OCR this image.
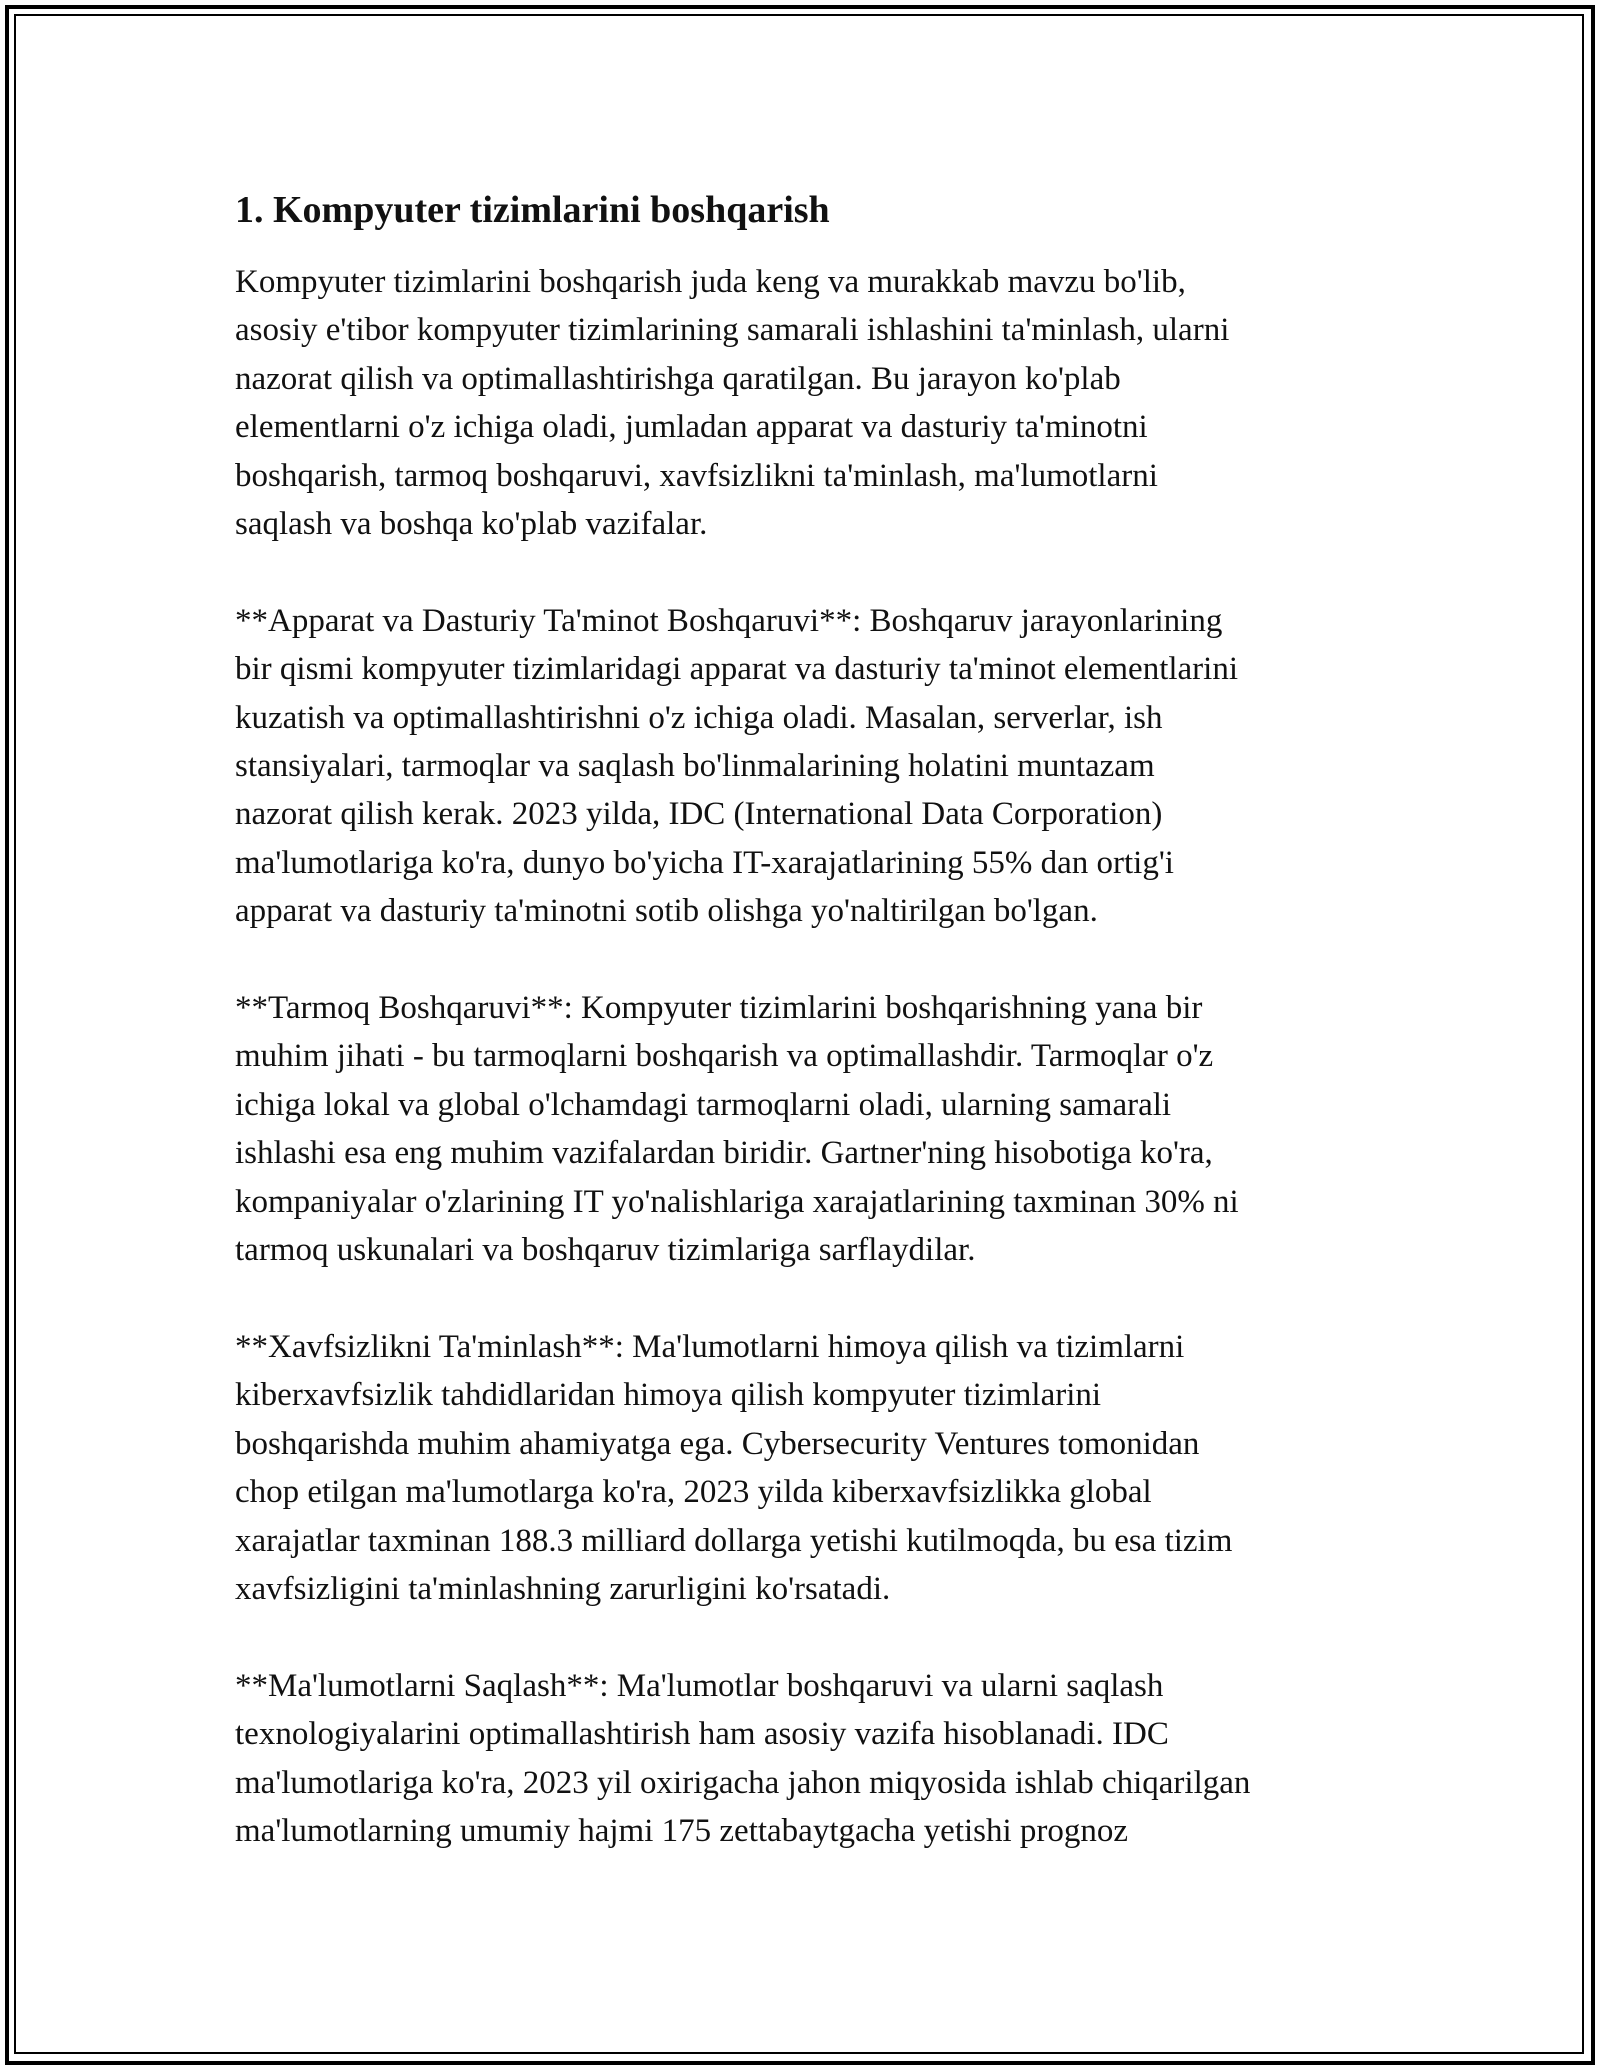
1. Kompyuter tizimlarini boshqarish

Kompyuter tizimlarini boshqarish juda keng va murakkab mavzu bo'lib,
asosiy e'tibor kompyuter tizimlarining samarali ishlashini ta'minlash, ularni
nazorat qilish va optimallashtirishga qaratilgan. Bu jarayon ko'plab
elementlarni o'z ichiga oladi, jumladan apparat va dasturiy ta'minotni
boshqarish, tarmoq boshqaruvi, xavfsizlikni ta'minlash, ma'lumotlarni
saqlash va boshqa ko'plab vazifalar.

**Apparat va Dasturiy Ta'minot Boshqaruvi**: Boshqaruv jarayonlarining
bir qismi kompyuter tizimlaridagi apparat va dasturiy ta'minot elementlarini
kuzatish va optimallashtirishni o'z ichiga oladi. Masalan, serverlar, ish
stansiyalari, tarmoqlar va saqlash bo'linmalarining holatini muntazam
nazorat qilish kerak. 2023 yilda, IDC (International Data Corporation)
ma'lumotlariga ko'ra, dunyo bo'yicha IT-xarajatlarining 55% dan ortig'i
apparat va dasturiy ta'minotni sotib olishga yo'naltirilgan bo'lgan.

**Tarmoq Boshqaruvi**: Kompyuter tizimlarini boshqarishning yana bir
muhim jihati - bu tarmoqlarni boshqarish va optimallashdir. Tarmoqlar o'z
ichiga lokal va global o'lchamdagi tarmoqlarni oladi, ularning samarali
ishlashi esa eng muhim vazifalardan biridir. Gartner'ning hisobotiga ko'ra,
kompaniyalar o'zlarining IT yo'nalishlariga xarajatlarining taxminan 30% ni
tarmoq uskunalari va boshqaruv tizimlariga sarflaydilar.

**Xavfsizlikni Ta'minlash**: Ma'lumotlarni himoya qilish va tizimlarni
kiberxavfsizlik tahdidlaridan himoya qilish kompyuter tizimlarini
boshqarishda muhim ahamiyatga ega. Cybersecurity Ventures tomonidan
chop etilgan ma'lumotlarga ko'ra, 2023 yilda kiberxavfsizlikka global
xarajatlar taxminan 188.3 milliard dollarga yetishi kutilmoqda, bu esa tizim
xavfsizligini ta'minlashning zarurligini ko'rsatadi.

**Ma'lumotlarni Saqlash**: Ma'lumotlar boshqaruvi va ularni saqlash
texnologiyalarini optimallashtirish ham asosiy vazifa hisoblanadi. IDC
ma'lumotlariga ko'ra, 2023 yil oxirigacha jahon miqyosida ishlab chiqarilgan
ma'lumotlarning umumiy hajmi 175 zettabaytgacha yetishi prognoz
